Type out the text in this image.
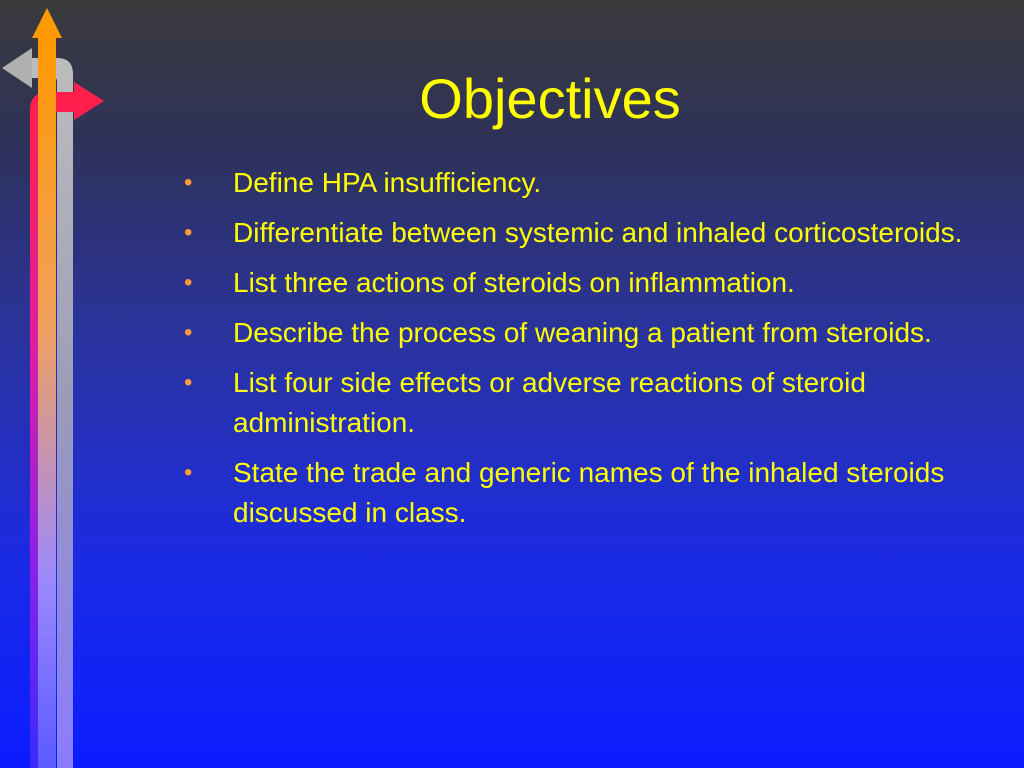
Objectives
• Define HPA insufficiency.
• Differentiate between systemic and inhaled corticosteroids.
• List three actions of steroids on inflammation.
• Describe the process of weaning a patient from steroids.
• List four side effects or adverse reactions of steroid administration.
• State the trade and generic names of the inhaled steroids discussed in class.
